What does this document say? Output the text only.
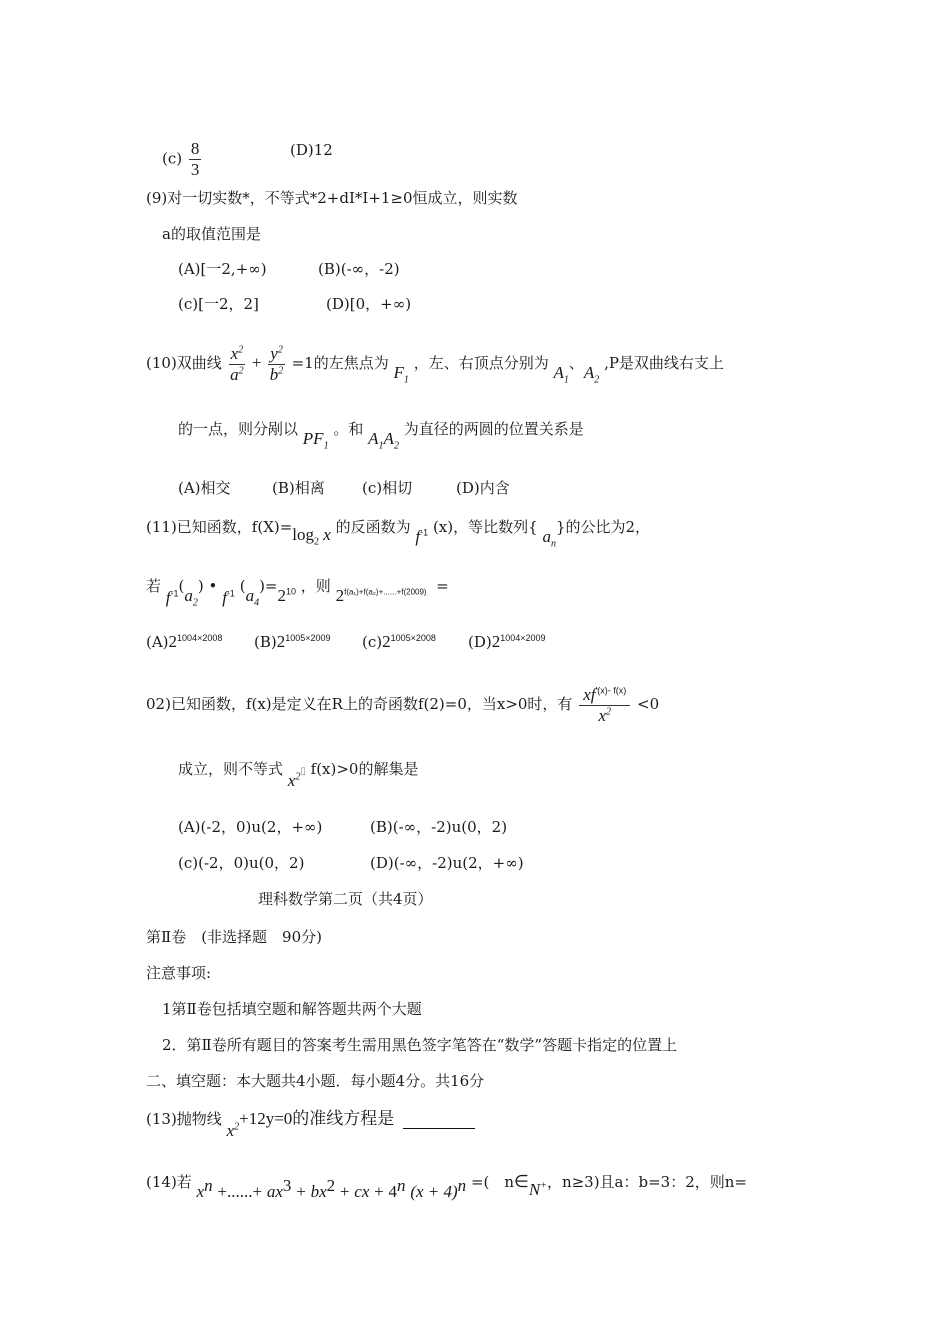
$(c) \frac{8}{3}$	(D)12
(9)对一切实数*，不等式*2+dI*I+1≥0恒成立，则实数
a的取值范围是
(A)[一2,+∞)	(B)(-∞，-2)
(c)[一2，2]	(D)[0，+∞)
(10)双曲线 $\frac{x^2}{a^2} + \frac{y^2}{b^2} =1$的左焦点为 $F_1$ ，左、右顶点分别为 $A_1$、$A_2$ ,P是双曲线右支上
的一点，则分剐以 $PF_1$ 。和 $A_1A_2$ 为直径的两圆的位置关系是
(A)相交	(B)相离 (c)相切	(D)内含
(11)已知函数，$f(X)=\log_2$ x 的反函数为 $f^{-1}$ (x)，等比数列{ $a_n$}的公比为2，
若 $f^{-1}(a_2)$ • $f^{-1}$ $(a_4)=2^{10}$ ，则 $2^{f(a_1)+f(a_2)+......+f(2009)}$ =
$(A)2^{1004\times 2008}$ $(B)2^{1005\times 2009}$ $(c)2^{1005\times 2008}$ $(D)2^{1004\times 2009}$
02)已知函数，f(x)是定义在R上的奇函数f(2)=0，当x>0时，有 $\frac{xf^{'(x)- f(x)}}{x^2} <0$
成立，则不等式 $x^2▯$ f(x)>0的解集是
(A)(-2，0)u(2，+∞)	(B)(-∞，-2)u(0，2)
(c)(-2，0)u(0，2)	(D)(-∞，-2)u(2，+∞)
理科数学第二页（共4页）
第Ⅱ卷　(非选择题　90分)
注意事项:
1第Ⅱ卷包括填空题和解答题共两个大题
2．第Ⅱ卷所有题目的答案考生需用黑色签字笔答在“数学”答题卡指定的位置上
二、填空题：本大题共4小题．每小题4分。共16分
(13)抛物线 $x^2+12y=0$的准线方程是
(14)若 $x^n$ +......+ $ax^3 + bx^2$ + cx + $4^n$ $(x + 4)^n$ =(　n∈N+，n≥3)且a：b=3：2，则n=
